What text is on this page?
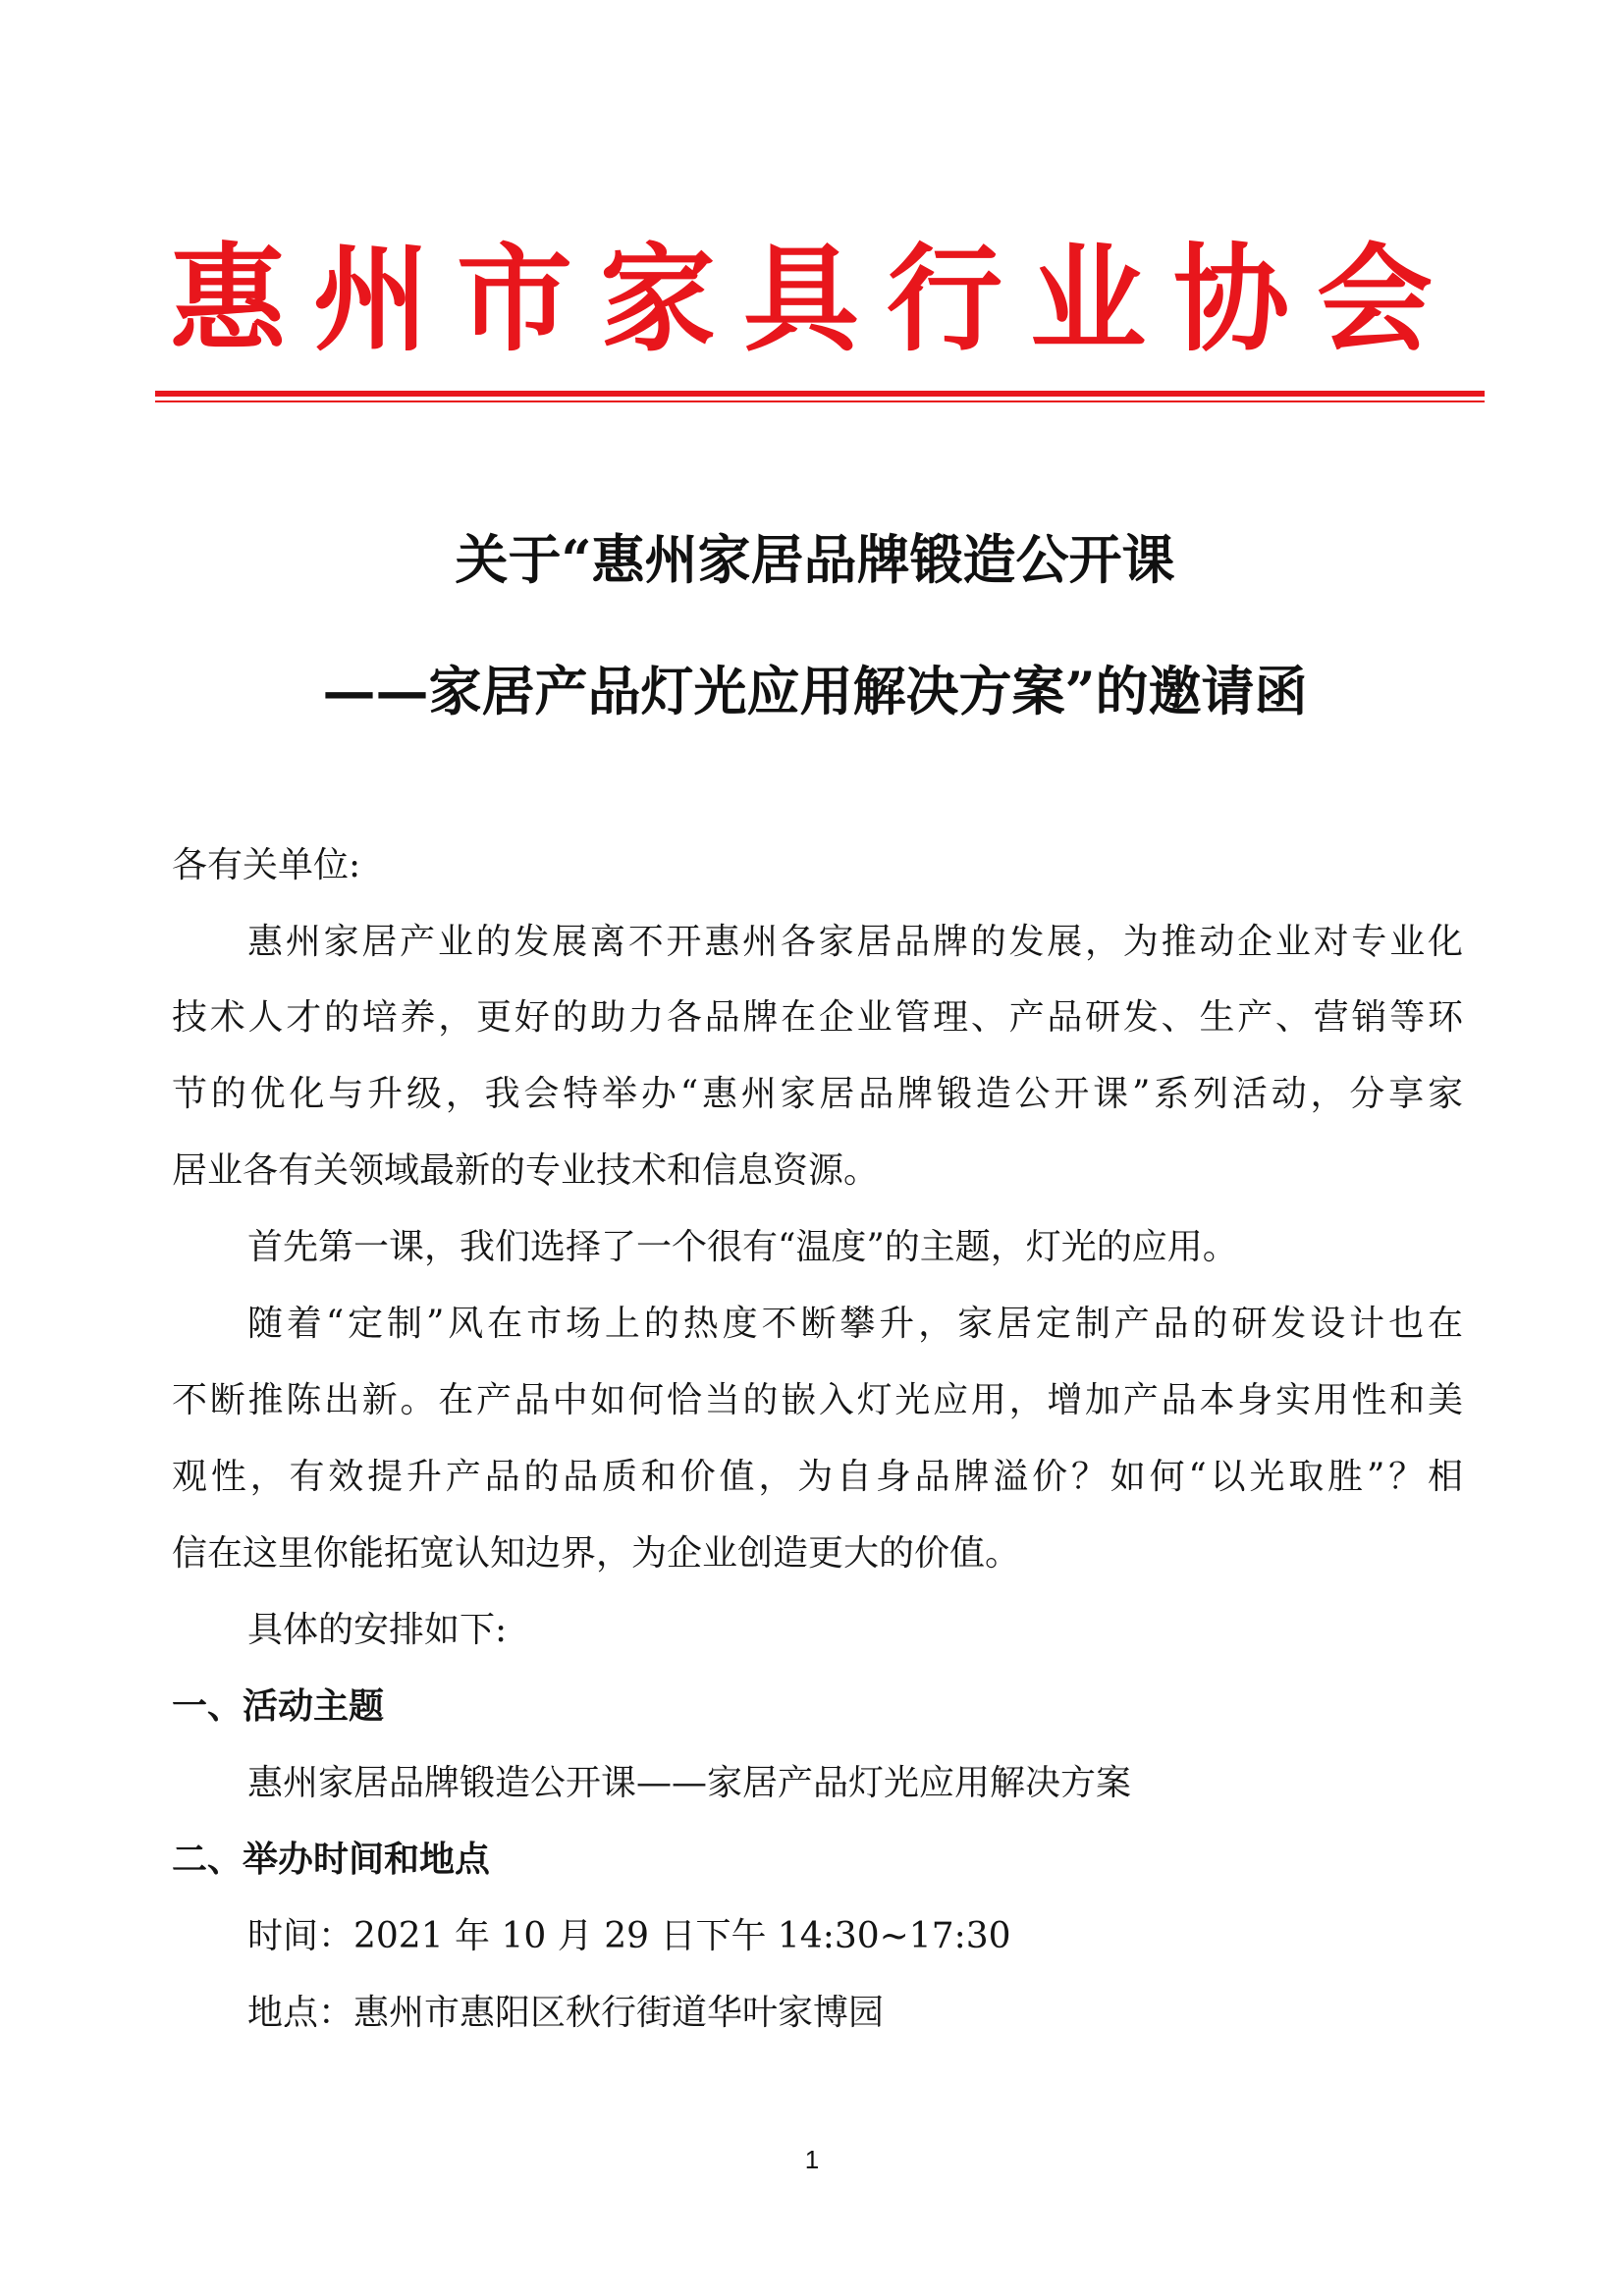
惠州市家具行业协会
关于“惠州家居品牌锻造公开课
——家居产品灯光应用解决方案”的邀请函
各有关单位:
惠州家居产业的发展离不开惠州各家居品牌的发展，为推动企业对专业化
技术人才的培养，更好的助力各品牌在企业管理、产品研发、生产、营销等环
节的优化与升级，我会特举办“惠州家居品牌锻造公开课”系列活动，分享家
居业各有关领域最新的专业技术和信息资源。
首先第一课，我们选择了一个很有“温度”的主题，灯光的应用。
随着“定制”风在市场上的热度不断攀升，家居定制产品的研发设计也在
不断推陈出新。在产品中如何恰当的嵌入灯光应用，增加产品本身实用性和美
观性，有效提升产品的品质和价值，为自身品牌溢价？如何“以光取胜”？相
信在这里你能拓宽认知边界，为企业创造更大的价值。
具体的安排如下:
一、活动主题
惠州家居品牌锻造公开课——家居产品灯光应用解决方案
二、举办时间和地点
时间：2021 年 10 月 29 日下午 14:30~17:30
地点：惠州市惠阳区秋行街道华叶家博园
1
